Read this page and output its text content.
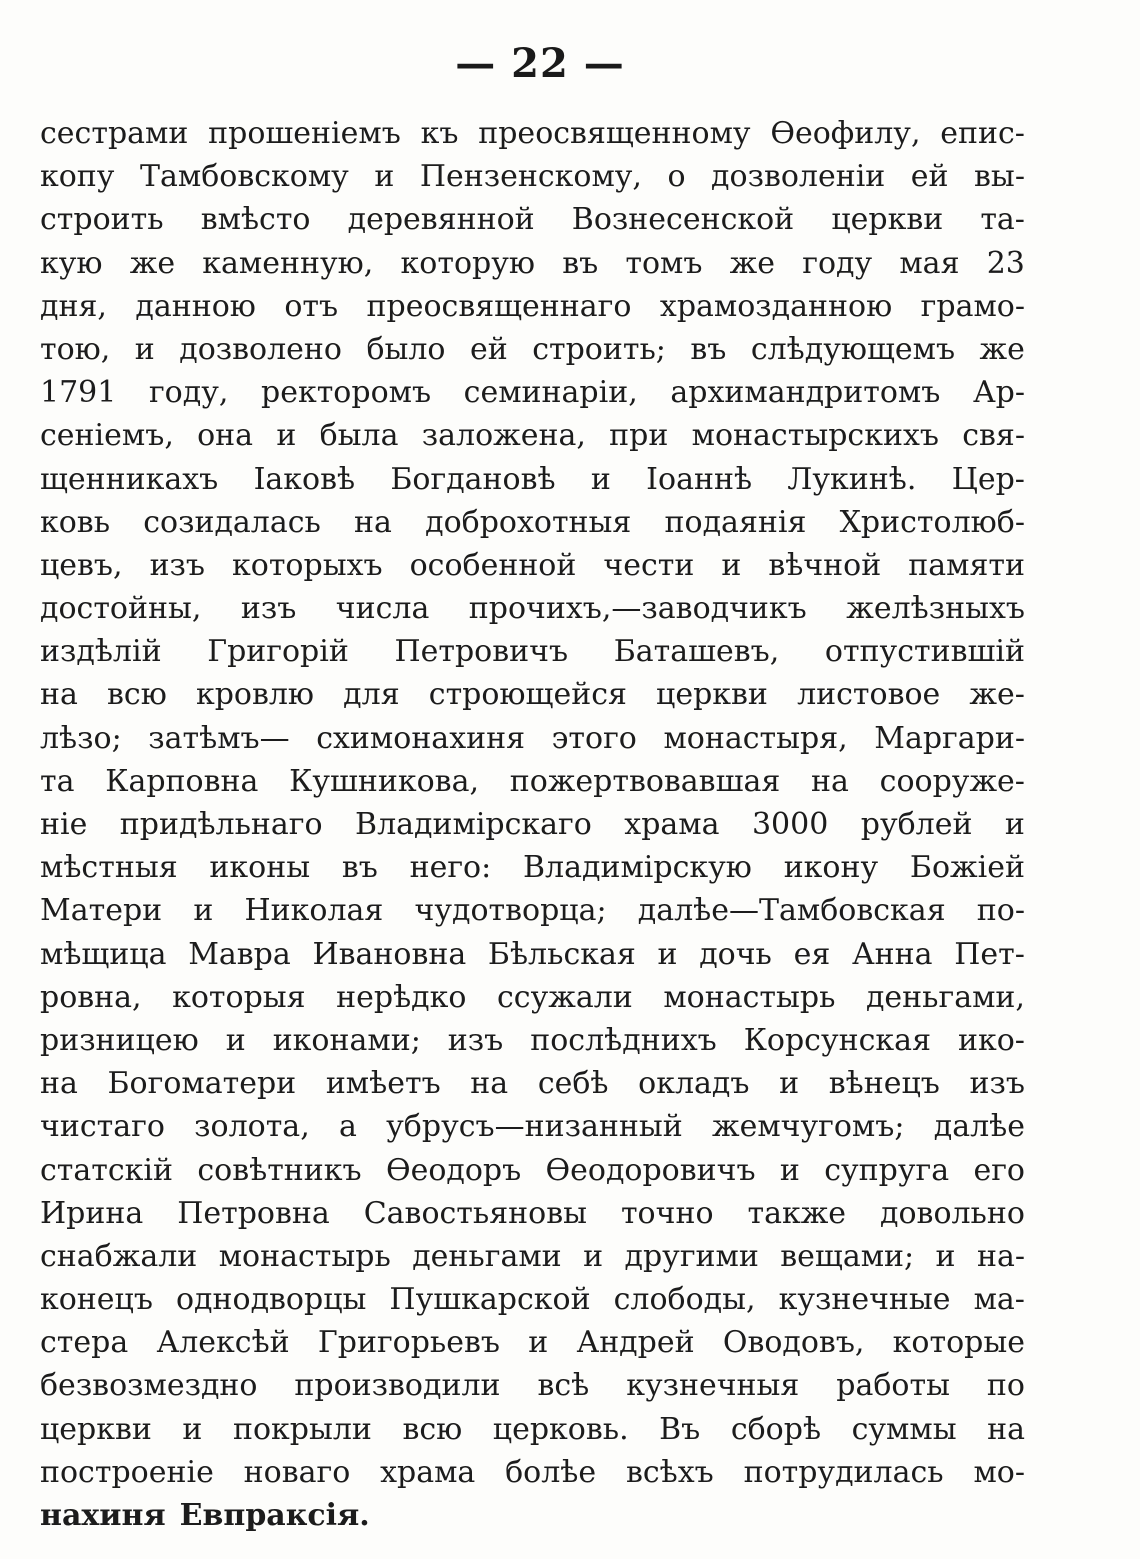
— 22 —
сестрами прошенiемъ къ преосвященному Ѳеофилу, епис-
копу Тамбовскому и Пензенскому, о дозволенiи ей вы-
строить вмѣсто деревянной Вознесенской церкви та-
кую же каменную, которую въ томъ же году мая 23
дня, данною отъ преосвященнаго храмозданною грамо-
тою, и дозволено было ей строить; въ слѣдующемъ же
1791 году, ректоромъ семинарiи, архимандритомъ Ар-
сенiемъ, она и была заложена, при монастырскихъ свя-
щенникахъ Iаковѣ Богдановѣ и Iоаннѣ Лукинѣ. Цер-
ковь созидалась на доброхотныя подаянiя Христолюб-
цевъ, изъ которыхъ особенной чести и вѣчной памяти
достойны, изъ числа прочихъ,—заводчикъ желѣзныхъ
издѣлiй Григорiй Петровичъ Баташевъ, отпустившiй
на всю кровлю для строющейся церкви листовое же-
лѣзо; затѣмъ— схимонахиня этого монастыря, Маргари-
та Карповна Кушникова, пожертвовавшая на сооруже-
нiе придѣльнаго Владимiрскаго храма 3000 рублей и
мѣстныя иконы въ него: Владимiрскую икону Божiей
Матери и Николая чудотворца; далѣе—Тамбовская по-
мѣщица Мавра Ивановна Бѣльская и дочь ея Анна Пет-
ровна, которыя нерѣдко ссужали монастырь деньгами,
ризницею и иконами; изъ послѣднихъ Корсунская ико-
на Богоматери имѣетъ на себѣ окладъ и вѣнецъ изъ
чистаго золота, а убрусъ—низанный жемчугомъ; далѣе
статскiй совѣтникъ Ѳеодоръ Ѳеодоровичъ и супруга его
Ирина Петровна Савостьяновы точно также довольно
снабжали монастырь деньгами и другими вещами; и на-
конецъ однодворцы Пушкарской слободы, кузнечные ма-
стера Алексѣй Григорьевъ и Андрей Оводовъ, которые
безвозмездно производили всѣ кузнечныя работы по
церкви и покрыли всю церковь. Въ сборѣ суммы на
построенiе новаго храма болѣе всѣхъ потрудилась мо-
нахиня Евпраксiя.
